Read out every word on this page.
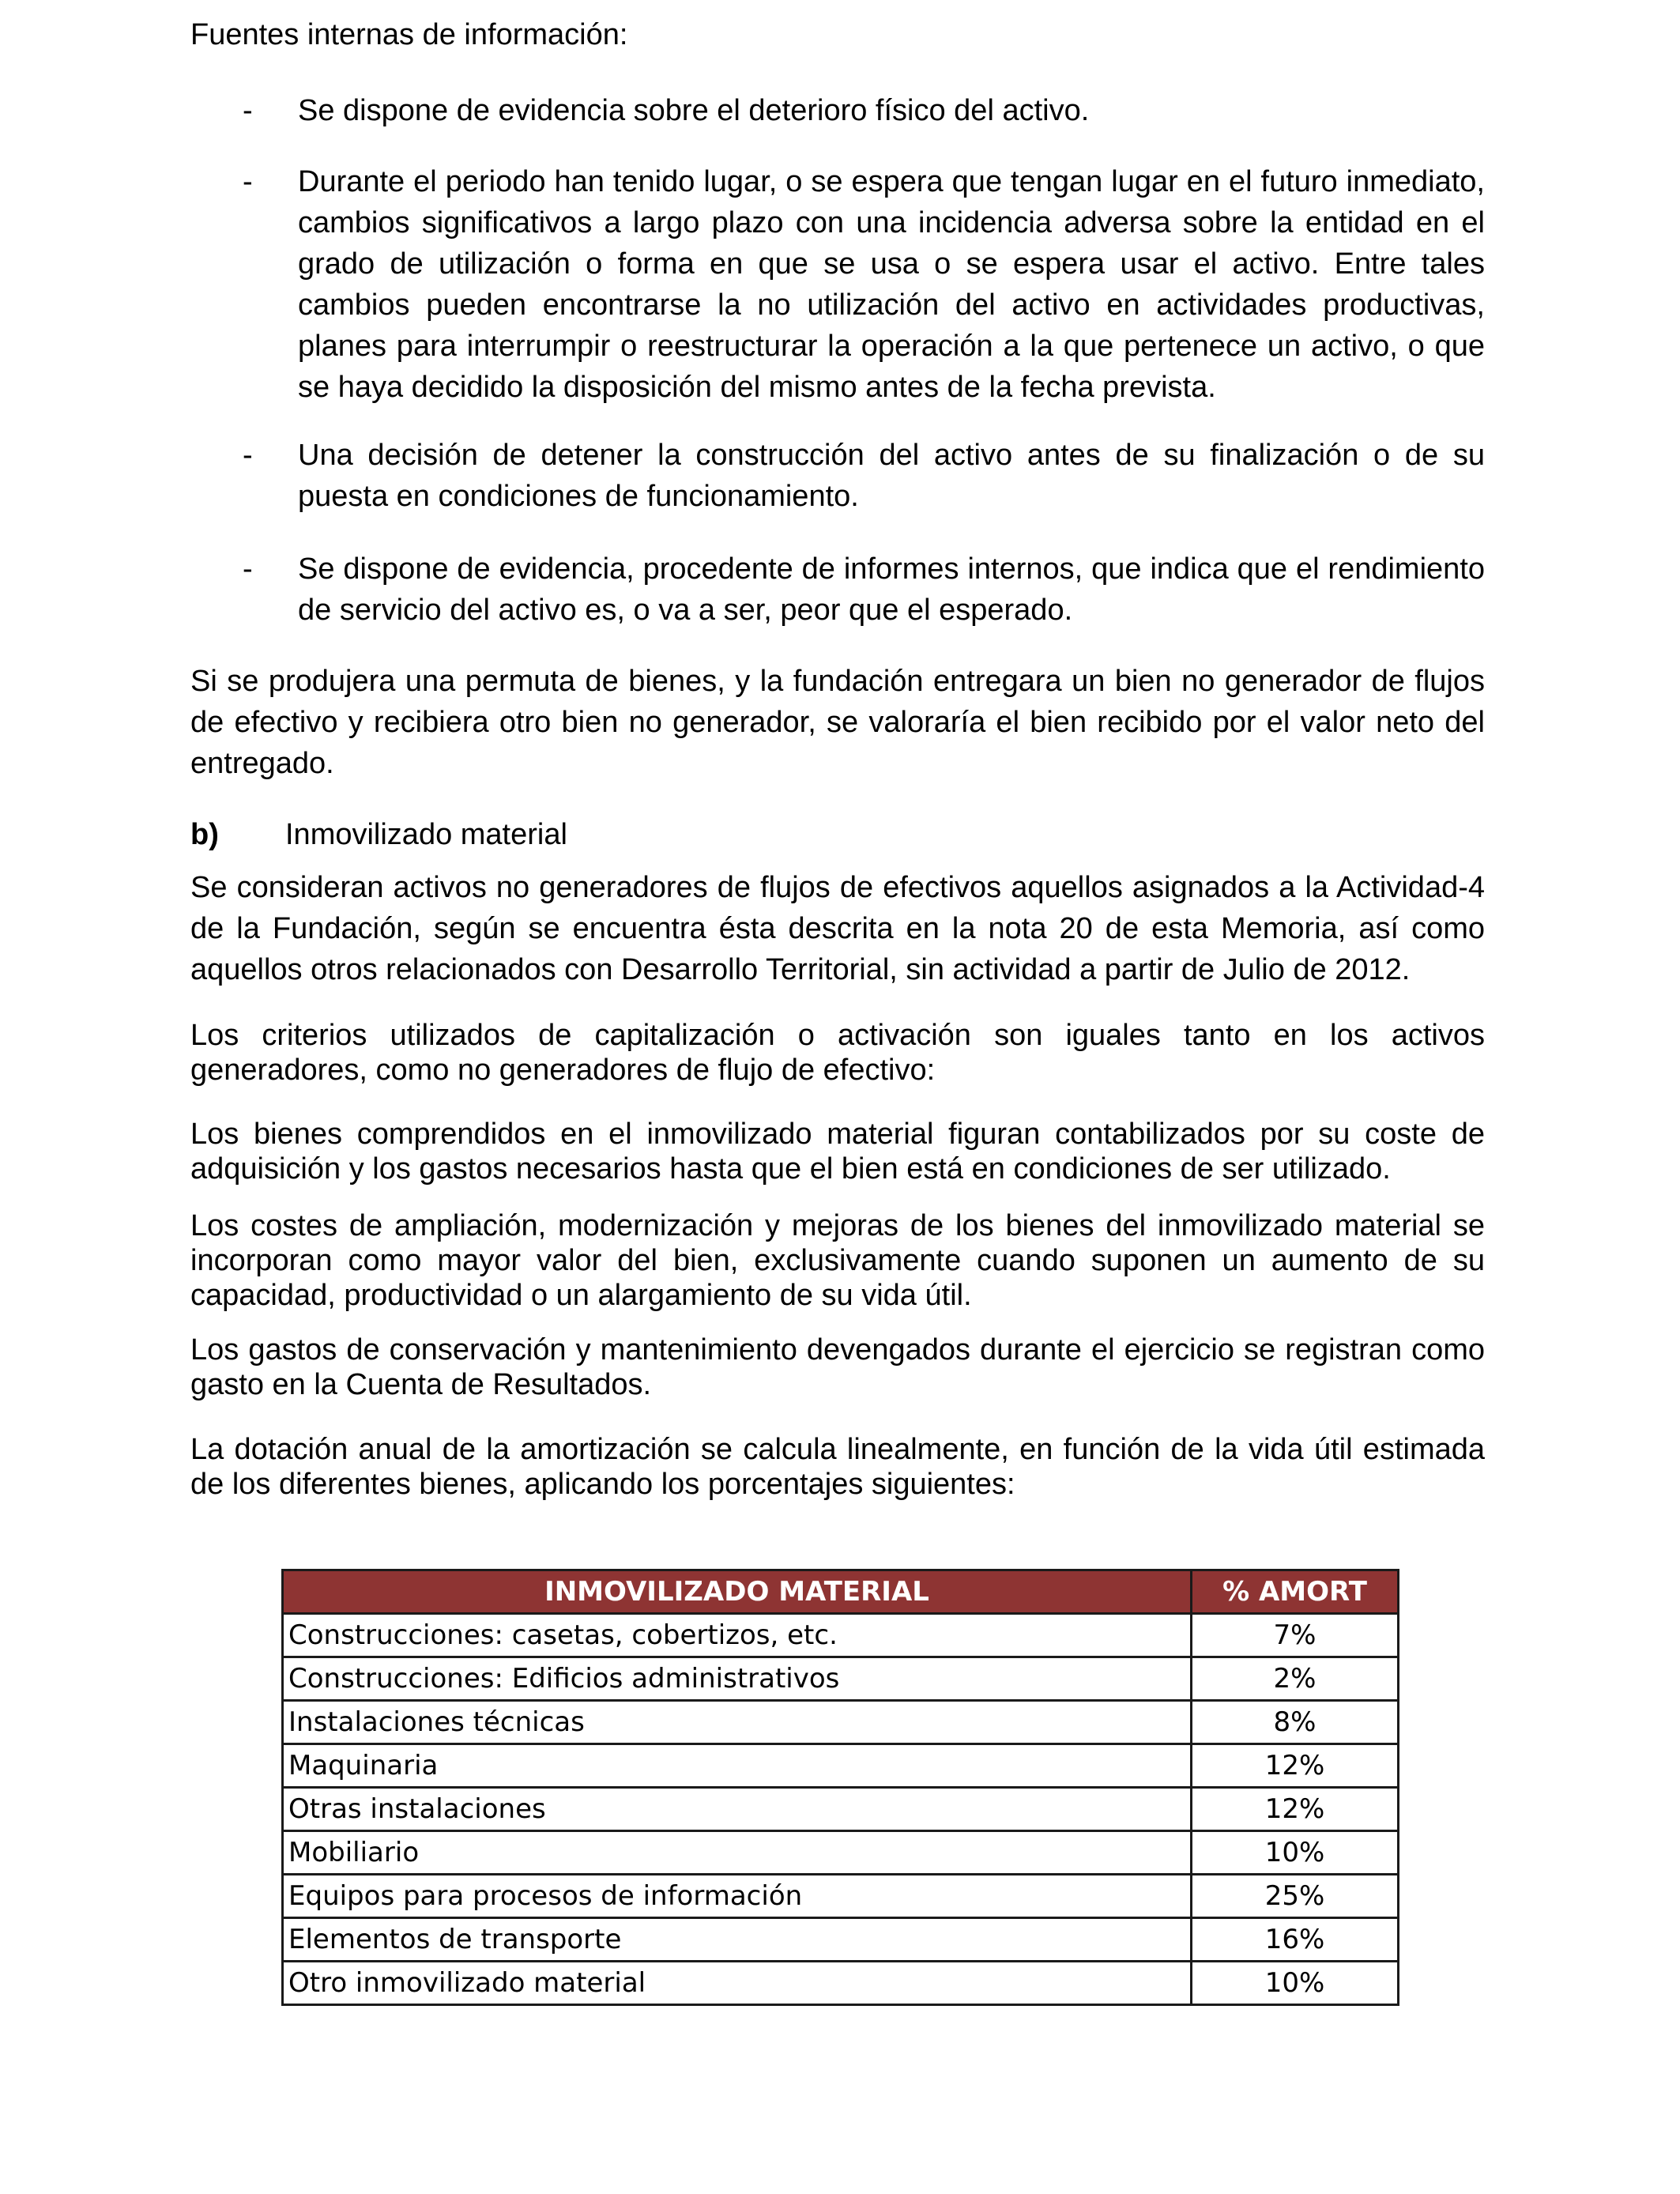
Fuentes internas de información:

- Se dispone de evidencia sobre el deterioro físico del activo.

- Durante el periodo han tenido lugar, o se espera que tengan lugar en el futuro inmediato, cambios significativos a largo plazo con una incidencia adversa sobre la entidad en el grado de utilización o forma en que se usa o se espera usar el activo. Entre tales cambios pueden encontrarse la no utilización del activo en actividades productivas, planes para interrumpir o reestructurar la operación a la que pertenece un activo, o que se haya decidido la disposición del mismo antes de la fecha prevista.

- Una decisión de detener la construcción del activo antes de su finalización o de su puesta en condiciones de funcionamiento.

- Se dispone de evidencia, procedente de informes internos, que indica que el rendimiento de servicio del activo es, o va a ser, peor que el esperado.

Si se produjera una permuta de bienes, y la fundación entregara un bien no generador de flujos de efectivo y recibiera otro bien no generador, se valoraría el bien recibido por el valor neto del entregado.

b) Inmovilizado material

Se consideran activos no generadores de flujos de efectivos aquellos asignados a la Actividad-4 de la Fundación, según se encuentra ésta descrita en la nota 20 de esta Memoria, así como aquellos otros relacionados con Desarrollo Territorial, sin actividad a partir de Julio de 2012.

Los criterios utilizados de capitalización o activación son iguales tanto en los activos generadores, como no generadores de flujo de efectivo:

Los bienes comprendidos en el inmovilizado material figuran contabilizados por su coste de adquisición y los gastos necesarios hasta que el bien está en condiciones de ser utilizado.

Los costes de ampliación, modernización y mejoras de los bienes del inmovilizado material se incorporan como mayor valor del bien, exclusivamente cuando suponen un aumento de su capacidad, productividad o un alargamiento de su vida útil.

Los gastos de conservación y mantenimiento devengados durante el ejercicio se registran como gasto en la Cuenta de Resultados.

La dotación anual de la amortización se calcula linealmente, en función de la vida útil estimada de los diferentes bienes, aplicando los porcentajes siguientes:

INMOVILIZADO MATERIAL	% AMORT
Construcciones: casetas, cobertizos, etc.	7%
Construcciones: Edificios administrativos	2%
Instalaciones técnicas	8%
Maquinaria	12%
Otras instalaciones	12%
Mobiliario	10%
Equipos para procesos de información	25%
Elementos de transporte	16%
Otro inmovilizado material	10%
